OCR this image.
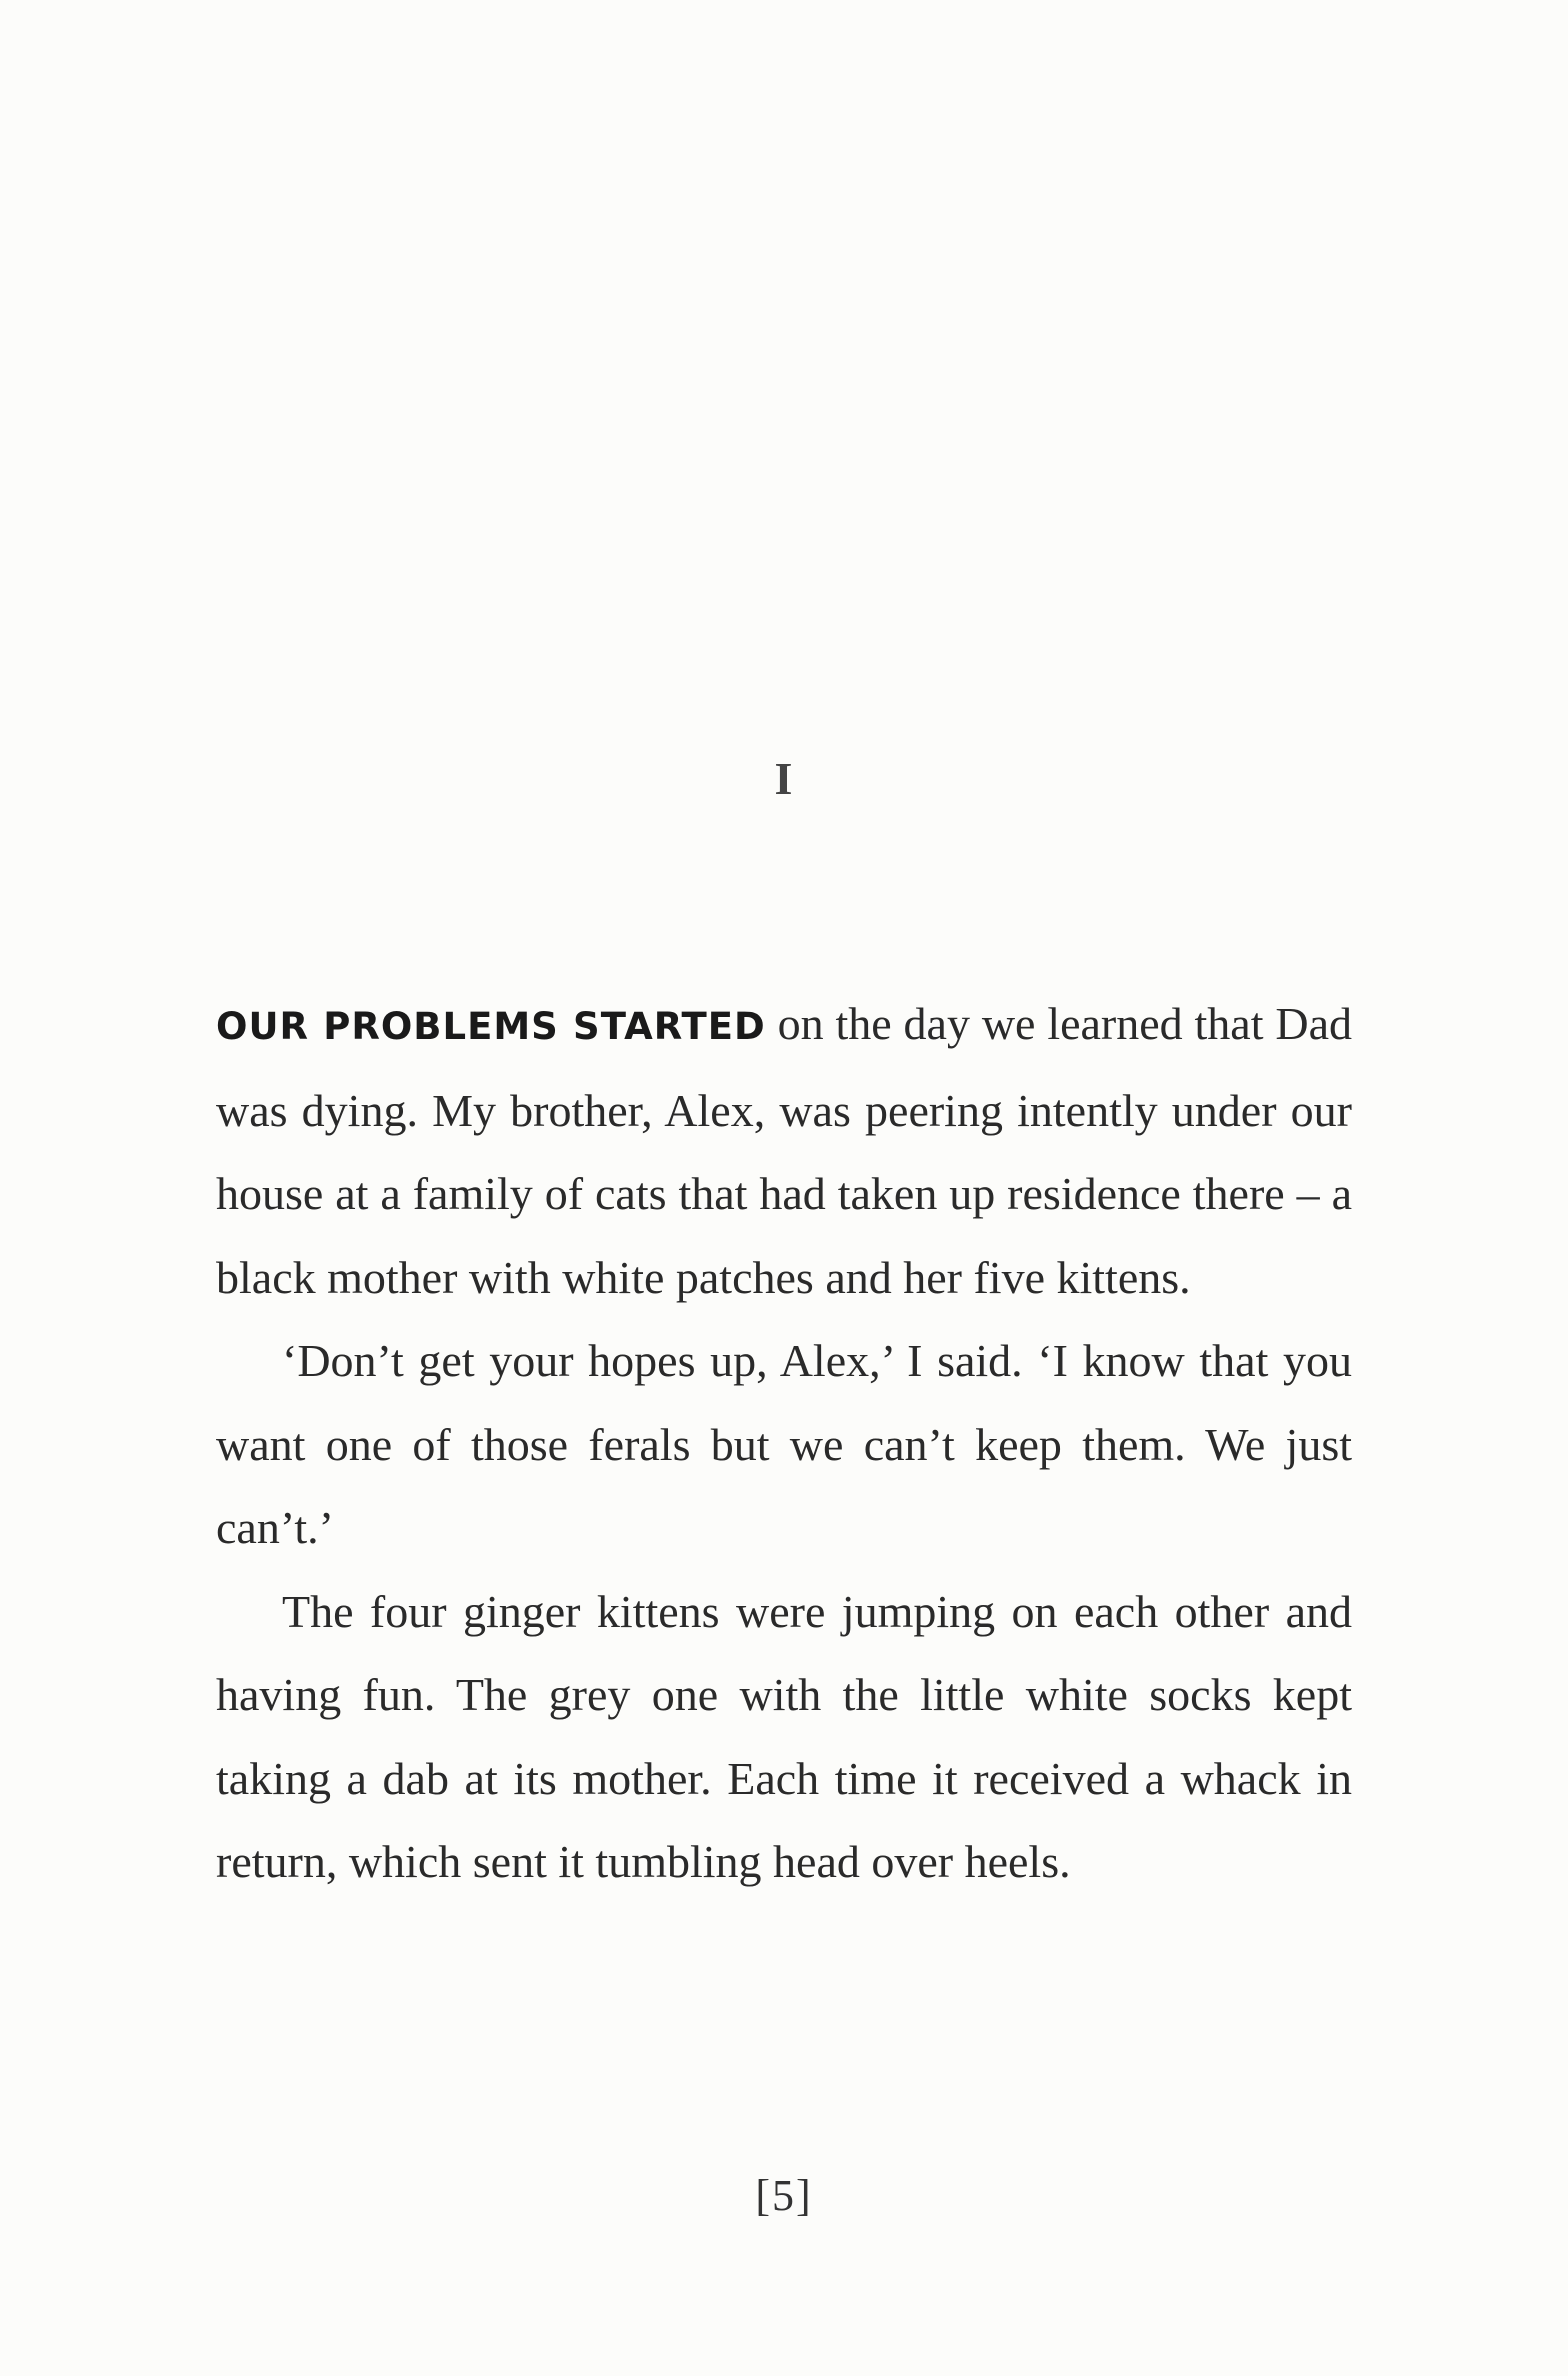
I

OUR PROBLEMS STARTED on the day we learned that Dad was dying. My brother, Alex, was peering intently under our house at a family of cats that had taken up residence there – a black mother with white patches and her five kittens.

‘Don’t get your hopes up, Alex,’ I said. ‘I know that you want one of those ferals but we can’t keep them. We just can’t.’

The four ginger kittens were jumping on each other and having fun. The grey one with the little white socks kept taking a dab at its mother. Each time it received a whack in return, which sent it tumbling head over heels.

[5]
